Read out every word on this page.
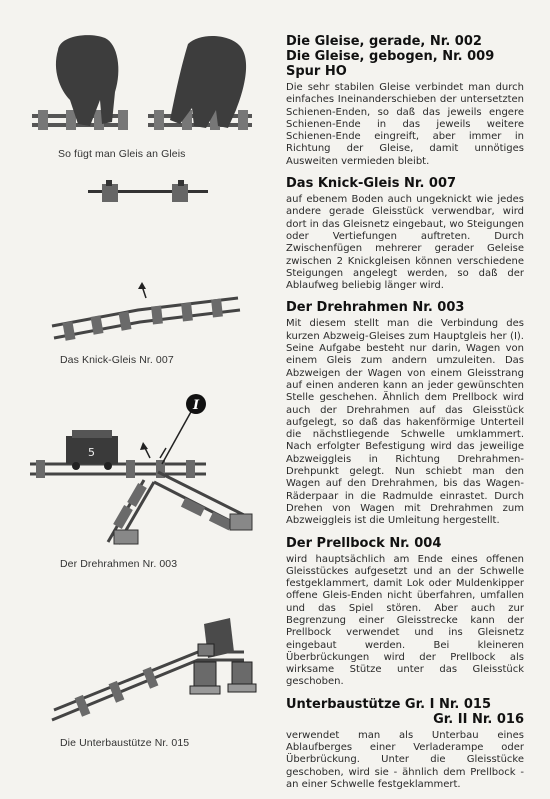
So fügt man Gleis an Gleis
Das Knick-Gleis Nr. 007
5
I
Der Drehrahmen Nr. 003
Die Unterbaustütze Nr. 015
Die Gleise, gerade, Nr. 002
Die Gleise, gebogen, Nr. 009
Spur HO

Die sehr stabilen Gleise verbindet man durch einfaches Ineinanderschieben der untersetzten Schienen-Enden, so daß das jeweils engere Schienen-Ende in das jeweils weitere Schienen-Ende eingreift, aber immer in Richtung der Gleise, damit unnötiges Ausweiten vermieden bleibt.

Das Knick-Gleis Nr. 007

auf ebenem Boden auch ungeknickt wie jedes andere gerade Gleisstück verwendbar, wird dort in das Gleisnetz eingebaut, wo Steigungen oder Vertiefungen auftreten. Durch Zwischenfügen mehrerer gerader Geleise zwischen 2 Knickgleisen können verschiedene Steigungen angelegt werden, so daß der Ablaufweg beliebig länger wird.

Der Drehrahmen Nr. 003

Mit diesem stellt man die Verbindung des kurzen Abzweig-Gleises zum Hauptgleis her (I). Seine Aufgabe besteht nur darin, Wagen von einem Gleis zum andern umzuleiten. Das Abzweigen der Wagen von einem Gleisstrang auf einen anderen kann an jeder gewünschten Stelle geschehen. Ähnlich dem Prellbock wird auch der Drehrahmen auf das Gleisstück aufgelegt, so daß das hakenförmige Unterteil die nächstliegende Schwelle umklammert. Nach erfolgter Befestigung wird das jeweilige Abzweiggleis in Richtung Drehrahmen-Drehpunkt gelegt. Nun schiebt man den Wagen auf den Drehrahmen, bis das Wagen-Räderpaar in die Radmulde einrastet. Durch Drehen von Wagen mit Drehrahmen zum Abzweiggleis ist die Umleitung hergestellt.

Der Prellbock Nr. 004

wird hauptsächlich am Ende eines offenen Gleisstückes aufgesetzt und an der Schwelle festgeklammert, damit Lok oder Muldenkipper offene Gleis-Enden nicht überfahren, umfallen und das Spiel stören. Aber auch zur Begrenzung einer Gleisstrecke kann der Prellbock verwendet und ins Gleisnetz eingebaut werden. Bei kleineren Überbrückungen wird der Prellbock als wirksame Stütze unter das Gleisstück geschoben.

Unterbaustütze Gr. I Nr. 015
Gr. II Nr. 016

verwendet man als Unterbau eines Ablaufberges einer Verladerampe oder Überbrückung. Unter die Gleisstücke geschoben, wird sie - ähnlich dem Prellbock - an einer Schwelle festgeklammert.
